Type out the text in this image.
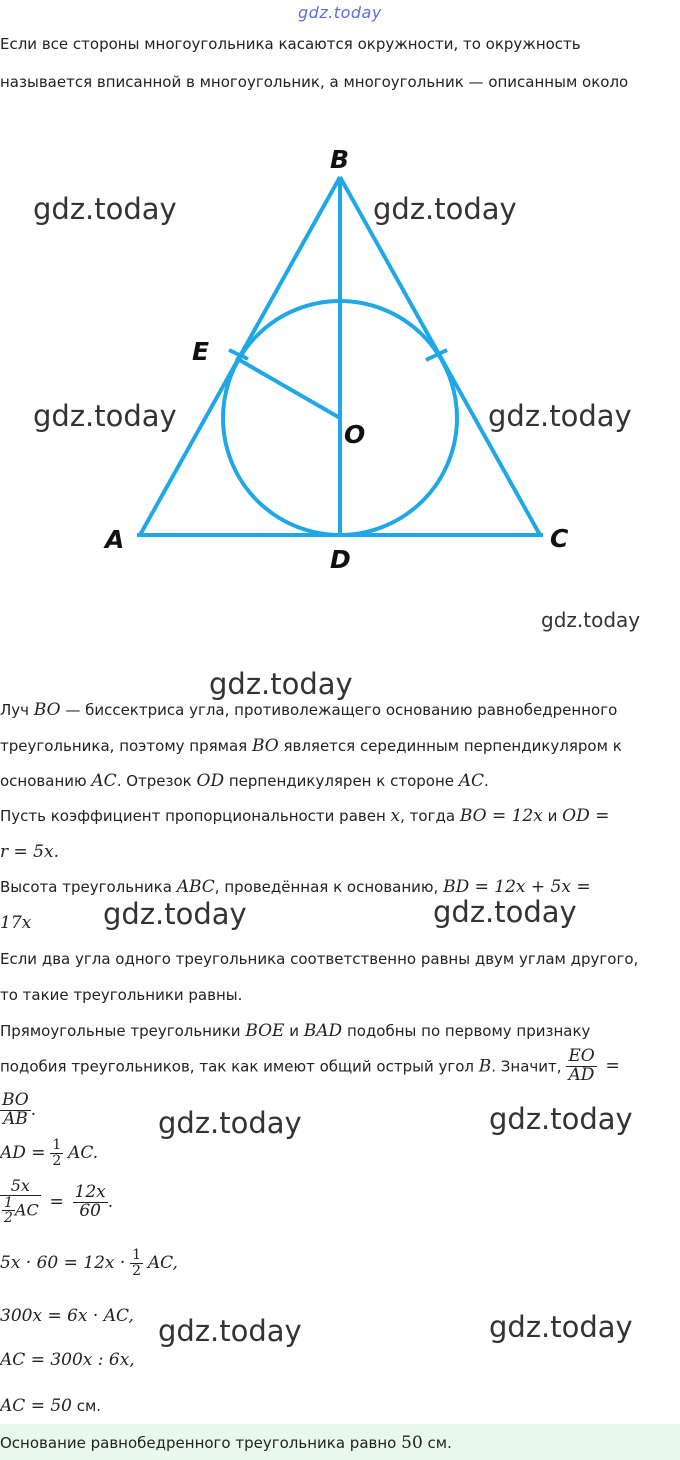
gdz.today
Если все стороны многоугольника касаются окружности, то окружность
называется вписанной в многоугольник, а многоугольник — описанным около
B
E
O
A
D
C
gdz.today	gdz.today
gdz.today	gdz.today
gdz.today
gdz.today
gdz.today	gdz.today
gdz.today	gdz.today
gdz.today	gdz.today
Луч BO — биссектриса угла, противолежащего основанию равнобедренного
треугольника, поэтому прямая BO является серединным перпендикуляром к
основанию AC. Отрезок OD перпендикулярен к стороне AC.
Пусть коэффициент пропорциональности равен x, тогда BO = 12x и OD =
r = 5x.
Высота треугольника ABC, проведённая к основанию, BD = 12x + 5x =
17x
Если два угла одного треугольника соответственно равны двум углам другого,
то такие треугольники равны.
Прямоугольные треугольники BOE и BAD подобны по первому признаку
подобия треугольников, так как имеют общий острый угол B. Значит, $\frac{EO}{AD}$ =
$\frac{BO}{AB}$ .
AD = $\frac{1}{2}$ AC.
$\frac{5x}{\frac{1}{2} AC} = \frac{12x}{60}$ .
$5x \cdot 60 = 12x \cdot \frac{1}{2}$ AC,
300x = 6x · AC,
AC = 300x : 6x,
AC = 50 см.
Основание равнобедренного треугольника равно 50 см.
